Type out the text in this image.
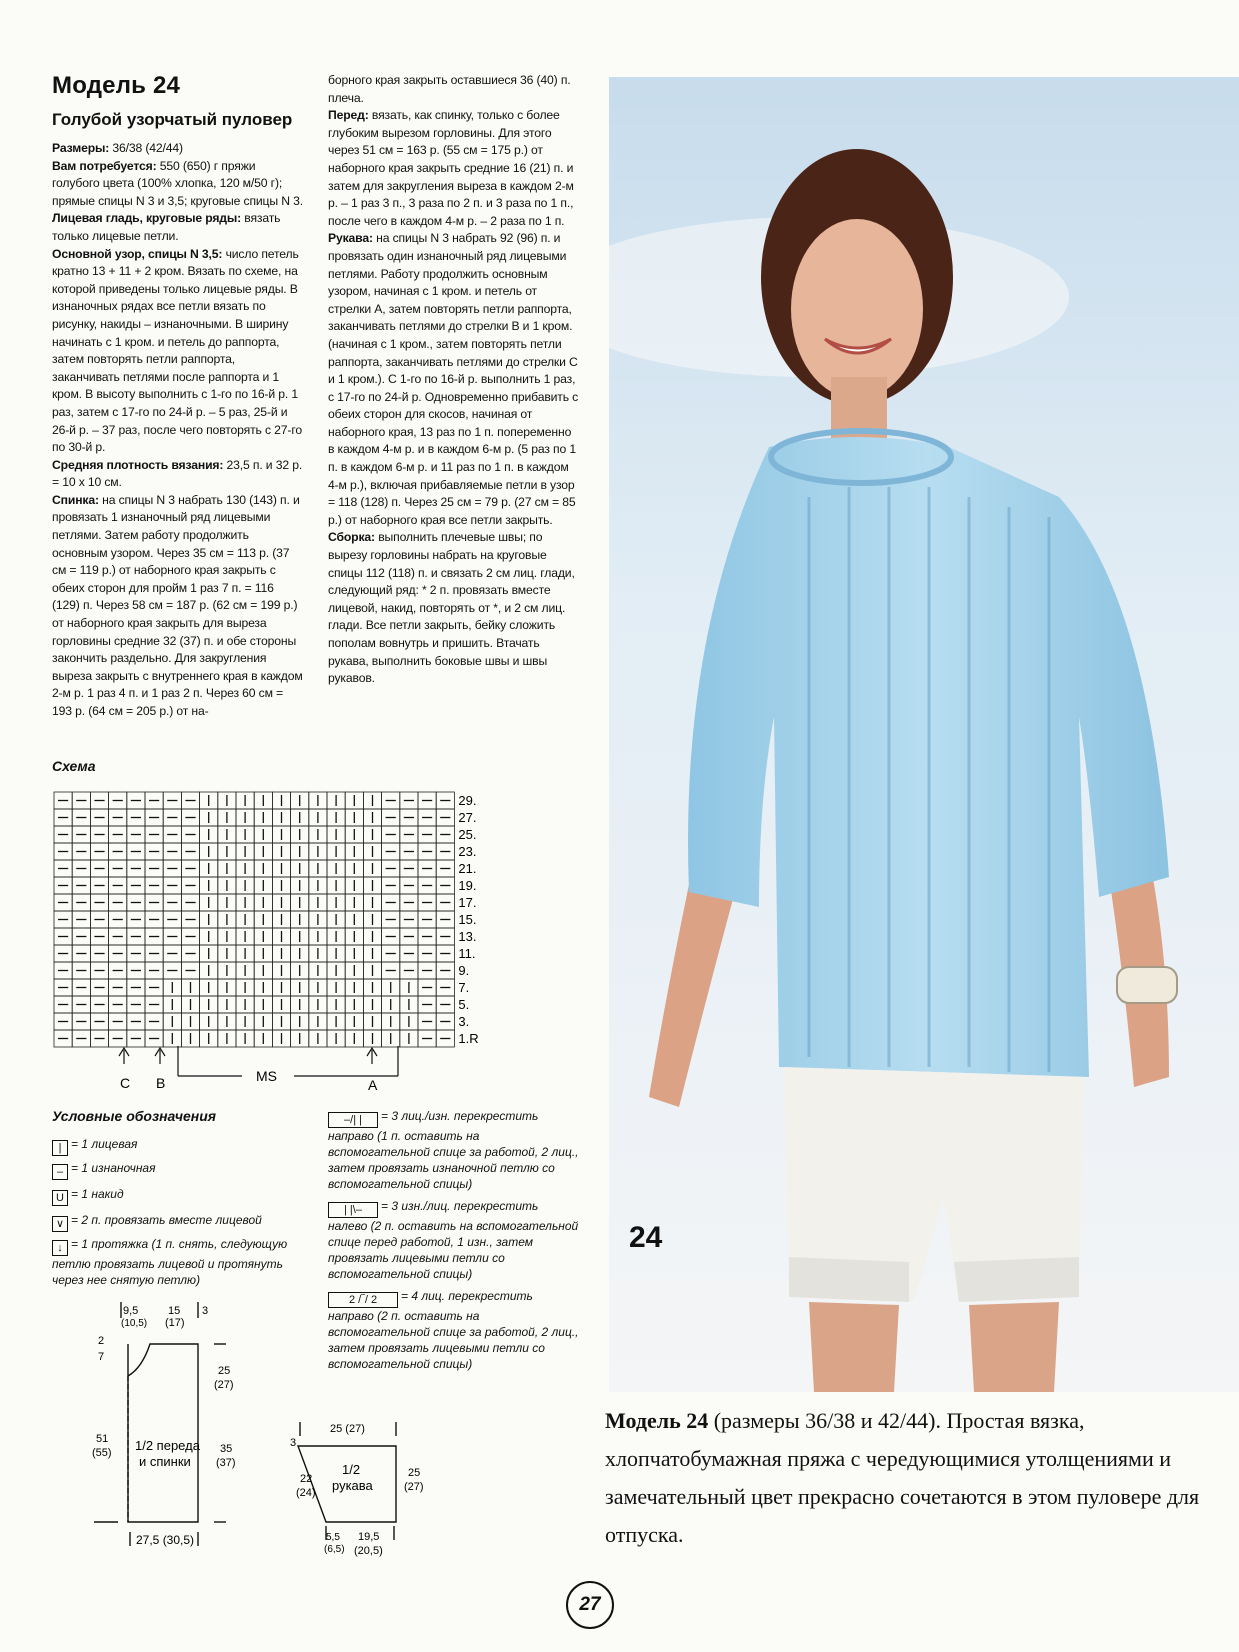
Модель 24
Голубой узорчатый пуловер

Размеры: 36/38 (42/44)

Вам потребуется: 550 (650) г пряжи голубого цвета (100% хлопка, 120 м/50 г); прямые спицы N 3 и 3,5; круговые спицы N 3.

Лицевая гладь, круговые ряды: вязать только лицевые петли.

Основной узор, спицы N 3,5: число петель кратно 13 + 11 + 2 кром. Вязать по схеме, на которой приведены только лицевые ряды. В изнаночных рядах все петли вязать по рисунку, накиды – изнаночными. В ширину начинать с 1 кром. и петель до раппорта, затем повторять петли раппорта, заканчивать петлями после раппорта и 1 кром. В высоту выполнить с 1-го по 16-й р. 1 раз, затем с 17-го по 24-й р. – 5 раз, 25-й и 26-й р. – 37 раз, после чего повторять с 27-го по 30-й р.

Средняя плотность вязания: 23,5 п. и 32 р. = 10 х 10 см.

Спинка: на спицы N 3 набрать 130 (143) п. и провязать 1 изнаночный ряд лицевыми петлями. Затем работу продолжить основным узором. Через 35 см = 113 р. (37 см = 119 р.) от наборного края закрыть с обеих сторон для пройм 1 раз 7 п. = 116 (129) п. Через 58 см = 187 р. (62 см = 199 р.) от наборного края закрыть для выреза горловины средние 32 (37) п. и обе стороны закончить раздельно. Для закругления выреза закрыть с внутреннего края в каждом 2-м р. 1 раз 4 п. и 1 раз 2 п. Через 60 см = 193 р. (64 см = 205 р.) от на-

борного края закрыть оставшиеся 36 (40) п. плеча.

Перед: вязать, как спинку, только с более глубоким вырезом горловины. Для этого через 51 см = 163 р. (55 см = 175 р.) от наборного края закрыть средние 16 (21) п. и затем для закругления выреза в каждом 2-м р. – 1 раз 3 п., 3 раза по 2 п. и 3 раза по 1 п., после чего в каждом 4-м р. – 2 раза по 1 п.

Рукава: на спицы N 3 набрать 92 (96) п. и провязать один изнаночный ряд лицевыми петлями. Работу продолжить основным узором, начиная с 1 кром. и петель от стрелки А, затем повторять петли раппорта, заканчивать петлями до стрелки В и 1 кром. (начиная с 1 кром., затем повторять петли раппорта, заканчивать петлями до стрелки С и 1 кром.). С 1-го по 16-й р. выполнить 1 раз, с 17-го по 24-й р. Одновременно прибавить с обеих сторон для скосов, начиная от наборного края, 13 раз по 1 п. попеременно в каждом 4-м р. и в каждом 6-м р. (5 раз по 1 п. в каждом 6-м р. и 11 раз по 1 п. в каждом 4-м р.), включая прибавляемые петли в узор = 118 (128) п. Через 25 см = 79 р. (27 см = 85 р.) от наборного края все петли закрыть.

Сборка: выполнить плечевые швы; по вырезу горловины набрать на круговые спицы 112 (118) п. и связать 2 см лиц. глади, следующий ряд: * 2 п. провязать вместе лицевой, накид, повторять от *, и 2 см лиц. глади. Все петли закрыть, бейку сложить пополам вовнутрь и пришить. Втачать рукава, выполнить боковые швы и швы рукавов.

Схема
29.
27.
25.
23.
21.
19.
17.
15.
13.
11.
9.
7.
5.
3.
1.R
C B	MS
A
Условные обозначения
| = 1 лицевая
– = 1 изнаночная
U = 1 накид
∨ = 2 п. провязать вместе лицевой
↓ = 1 протяжка (1 п. снять, следующую петлю провязать лицевой и протянуть через нее снятую петлю)
–/| | = 3 лиц./изн. перекрестить направо (1 п. оставить на вспомогательной спице за работой, 2 лиц., затем провязать изнаночной петлю со вспомогательной спицы)
| |\– = 3 изн./лиц. перекрестить налево (2 п. оставить на вспомогательной спице перед работой, 1 изн., затем провязать лицевыми петли со вспомогательной спицы)
2 /‾/ 2 = 4 лиц. перекрестить направо (2 п. оставить на вспомогательной спице за работой, 2 лиц., затем провязать лицевыми петли со вспомогательной спицы)
9,5
(10,5)
15
(17)
3
2
7
25
(27)
51
(55) 1/2 переда
и спинки
35
(37)
27,5 (30,5)
25 (27)
3
22
(24)
1/2
рукава
25
(27)
5,5
(6,5)
19,5
(20,5)
24
Модель 24 (размеры 36/38 и 42/44). Простая вязка, хлопчатобумажная пряжа с чередующимися утолщениями и замечательный цвет прекрасно сочетаются в этом пуловере для отпуска.
27
